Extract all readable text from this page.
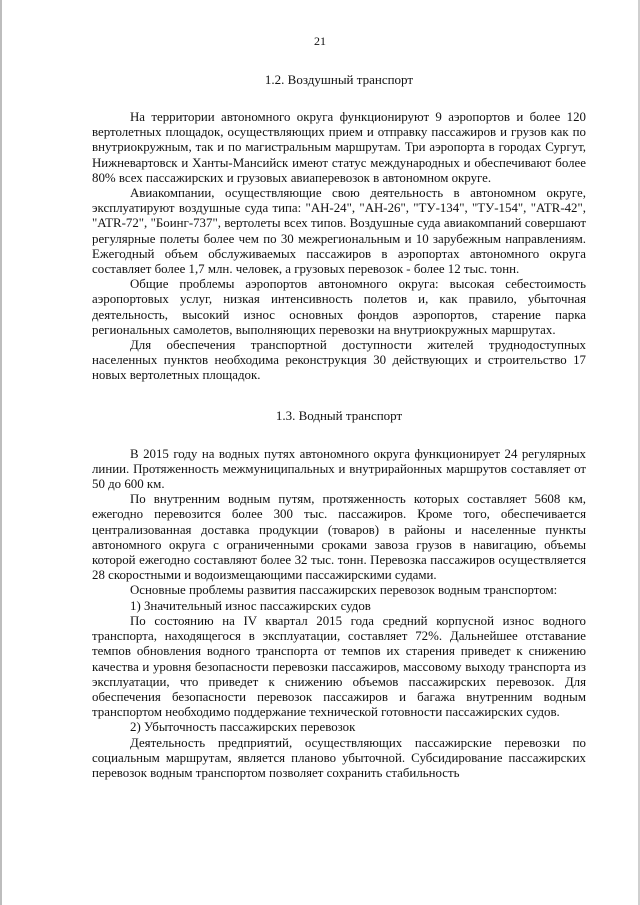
21
1.2. Воздушный транспорт

На территории автономного округа функционируют 9 аэропортов и более 120 вертолетных площадок, осуществляющих прием и отправку пассажиров и грузов как по внутриокружным, так и по магистральным маршрутам. Три аэропорта в городах Сургут, Нижневартовск и Ханты-Мансийск имеют статус международных и обеспечивают более 80% всех пассажирских и грузовых авиаперевозок в автономном округе.

Авиакомпании, осуществляющие свою деятельность в автономном округе, эксплуатируют воздушные суда типа: "АН-24", "АН-26", "ТУ-134", "ТУ-154", "ATR-42", "ATR-72", "Боинг-737", вертолеты всех типов. Воздушные суда авиакомпаний совершают регулярные полеты более чем по 30 межрегиональным и 10 зарубежным направлениям. Ежегодный объем обслуживаемых пассажиров в аэропортах автономного округа составляет более 1,7 млн. человек, а грузовых перевозок - более 12 тыс. тонн.

Общие проблемы аэропортов автономного округа: высокая себестоимость аэропортовых услуг, низкая интенсивность полетов и, как правило, убыточная деятельность, высокий износ основных фондов аэропортов, старение парка региональных самолетов, выполняющих перевозки на внутриокружных маршрутах.

Для обеспечения транспортной доступности жителей труднодоступных населенных пунктов необходима реконструкция 30 действующих и строительство 17 новых вертолетных площадок.

1.3. Водный транспорт

В 2015 году на водных путях автономного округа функционирует 24 регулярных линии. Протяженность межмуниципальных и внутрирайонных маршрутов составляет от 50 до 600 км.

По внутренним водным путям, протяженность которых составляет 5608 км, ежегодно перевозится более 300 тыс. пассажиров. Кроме того, обеспечивается централизованная доставка продукции (товаров) в районы и населенные пункты автономного округа с ограниченными сроками завоза грузов в навигацию, объемы которой ежегодно составляют более 32 тыс. тонн. Перевозка пассажиров осуществляется 28 скоростными и водоизмещающими пассажирскими судами.

Основные проблемы развития пассажирских перевозок водным транспортом:

1) Значительный износ пассажирских судов

По состоянию на IV квартал 2015 года средний корпусной износ водного транспорта, находящегося в эксплуатации, составляет 72%. Дальнейшее отставание темпов обновления водного транспорта от темпов их старения приведет к снижению качества и уровня безопасности перевозки пассажиров, массовому выходу транспорта из эксплуатации, что приведет к снижению объемов пассажирских перевозок. Для обеспечения безопасности перевозок пассажиров и багажа внутренним водным транспортом необходимо поддержание технической готовности пассажирских судов.

2) Убыточность пассажирских перевозок

Деятельность предприятий, осуществляющих пассажирские перевозки по социальным маршрутам, является планово убыточной. Субсидирование пассажирских перевозок водным транспортом позволяет сохранить стабильность
